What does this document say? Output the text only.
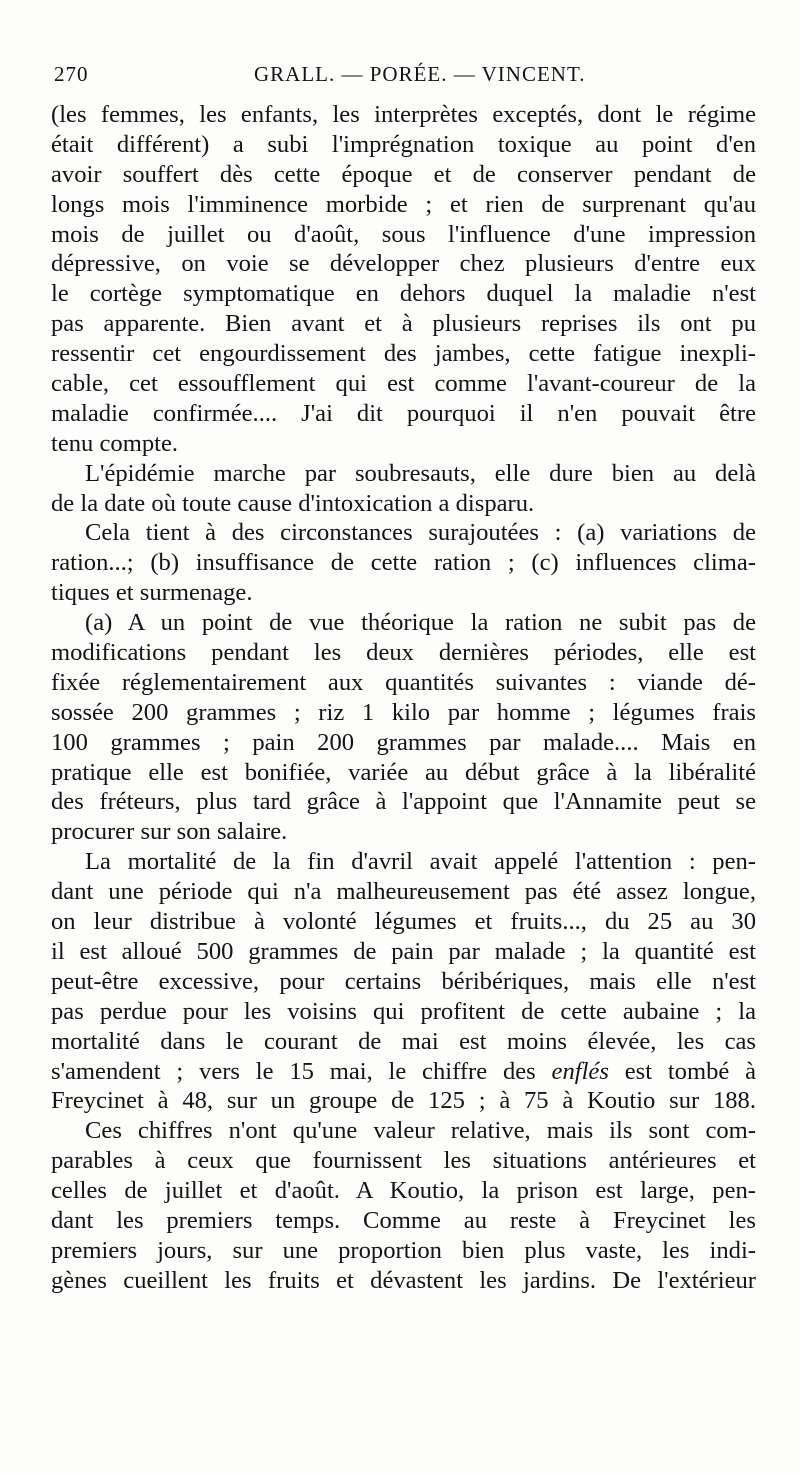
270	GRALL. — PORÉE. — VINCENT.
(les femmes, les enfants, les interprètes exceptés, dont le régime
était différent) a subi l'imprégnation toxique au point d'en
avoir souffert dès cette époque et de conserver pendant de
longs mois l'imminence morbide ; et rien de surprenant qu'au
mois de juillet ou d'août, sous l'influence d'une impression
dépressive, on voie se développer chez plusieurs d'entre eux
le cortège symptomatique en dehors duquel la maladie n'est
pas apparente. Bien avant et à plusieurs reprises ils ont pu
ressentir cet engourdissement des jambes, cette fatigue inexpli-
cable, cet essoufflement qui est comme l'avant-coureur de la
maladie confirmée.... J'ai dit pourquoi il n'en pouvait être
tenu compte.
L'épidémie marche par soubresauts, elle dure bien au delà
de la date où toute cause d'intoxication a disparu.
Cela tient à des circonstances surajoutées : (a) variations de
ration...; (b) insuffisance de cette ration ; (c) influences clima-
tiques et surmenage.
(a) A un point de vue théorique la ration ne subit pas de
modifications pendant les deux dernières périodes, elle est
fixée réglementairement aux quantités suivantes : viande dé-
sossée 200 grammes ; riz 1 kilo par homme ; légumes frais
100 grammes ; pain 200 grammes par malade.... Mais en
pratique elle est bonifiée, variée au début grâce à la libéralité
des fréteurs, plus tard grâce à l'appoint que l'Annamite peut se
procurer sur son salaire.
La mortalité de la fin d'avril avait appelé l'attention : pen-
dant une période qui n'a malheureusement pas été assez longue,
on leur distribue à volonté légumes et fruits..., du 25 au 30
il est alloué 500 grammes de pain par malade ; la quantité est
peut-être excessive, pour certains béribériques, mais elle n'est
pas perdue pour les voisins qui profitent de cette aubaine ; la
mortalité dans le courant de mai est moins élevée, les cas
s'amendent ; vers le 15 mai, le chiffre des enflés est tombé à
Freycinet à 48, sur un groupe de 125 ; à 75 à Koutio sur 188.
Ces chiffres n'ont qu'une valeur relative, mais ils sont com-
parables à ceux que fournissent les situations antérieures et
celles de juillet et d'août. A Koutio, la prison est large, pen-
dant les premiers temps. Comme au reste à Freycinet les
premiers jours, sur une proportion bien plus vaste, les indi-
gènes cueillent les fruits et dévastent les jardins. De l'extérieur
